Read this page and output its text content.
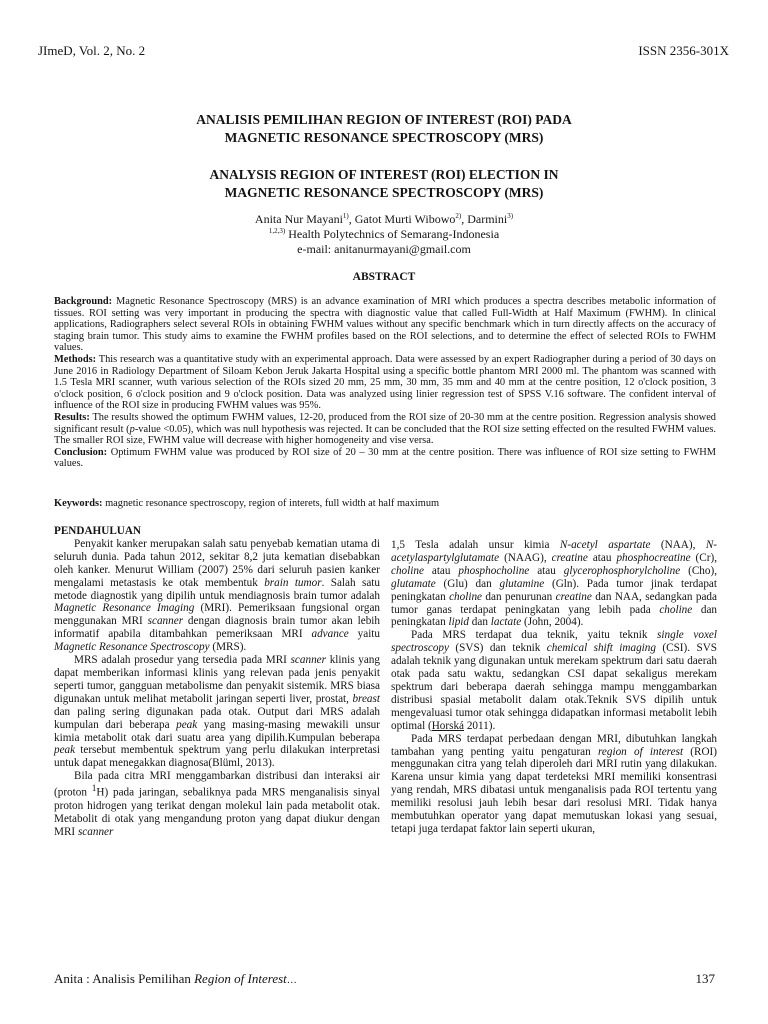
JImeD, Vol. 2, No. 2	ISSN 2356-301X
ANALISIS PEMILIHAN REGION OF INTEREST (ROI) PADA
MAGNETIC RESONANCE SPECTROSCOPY (MRS)
ANALYSIS REGION OF INTEREST (ROI) ELECTION IN
MAGNETIC RESONANCE SPECTROSCOPY (MRS)
Anita Nur Mayani$^{1)}$, Gatot Murti Wibowo$^{2)}$, Darmini$^{3)}$
$^{1,2,3)}$ Health Polytechnics of Semarang-Indonesia
e-mail: anitanurmayani@gmail.com
ABSTRACT

Background: Magnetic Resonance Spectroscopy (MRS) is an advance examination of MRI which produces a spectra describes metabolic information of tissues. ROI setting was very important in producing the spectra with diagnostic value that called Full-Width at Half Maximum (FWHM). In clinical applications, Radiographers select several ROIs in obtaining FWHM values without any specific benchmark which in turn directly affects on the accuracy of staging brain tumor. This study aims to examine the FWHM profiles based on the ROI selections, and to determine the effect of selected ROIs to FWHM values.

Methods: This research was a quantitative study with an experimental approach. Data were assessed by an expert Radiographer during a period of 30 days on June 2016 in Radiology Department of Siloam Kebon Jeruk Jakarta Hospital using a specific bottle phantom MRI 2000 ml. The phantom was scanned with 1.5 Tesla MRI scanner, wuth various selection of the ROIs sized 20 mm, 25 mm, 30 mm, 35 mm and 40 mm at the centre position, 12 o'clock position, 3 o'clock position, 6 o'clock position and 9 o'clock position. Data was analyzed using linier regression test of SPSS V.16 software. The confident interval of influence of the ROI size in producing FWHM values was 95%.

Results: The results showed the optimum FWHM values, 12-20, produced from the ROI size of 20-30 mm at the centre position. Regression analysis showed significant result (p-value <0.05), which was null hypothesis was rejected. It can be concluded that the ROI size setting effected on the resulted FWHM values. The smaller ROI size, FWHM value will decrease with higher homogeneity and vise versa.

Conclusion: Optimum FWHM value was produced by ROI size of 20 – 30 mm at the centre position. There was influence of ROI size setting to FWHM values.

Keywords: magnetic resonance spectroscopy, region of interets, full width at half maximum

PENDAHULUAN

Penyakit kanker merupakan salah satu penyebab kematian utama di seluruh dunia. Pada tahun 2012, sekitar 8,2 juta kematian disebabkan oleh kanker. Menurut William (2007) 25% dari seluruh pasien kanker mengalami metastasis ke otak membentuk brain tumor. Salah satu metode diagnostik yang dipilih untuk mendiagnosis brain tumor adalah Magnetic Resonance Imaging (MRI). Pemeriksaan fungsional organ menggunakan MRI scanner dengan diagnosis brain tumor akan lebih informatif apabila ditambahkan pemeriksaan MRI advance yaitu Magnetic Resonance Spectroscopy (MRS).

MRS adalah prosedur yang tersedia pada MRI scanner klinis yang dapat memberikan informasi klinis yang relevan pada jenis penyakit seperti tumor, gangguan metabolisme dan penyakit sistemik. MRS biasa digunakan untuk melihat metabolit jaringan seperti liver, prostat, breast dan paling sering digunakan pada otak. Output dari MRS adalah kumpulan dari beberapa peak yang masing-masing mewakili unsur kimia metabolit otak dari suatu area yang dipilih.Kumpulan beberapa peak tersebut membentuk spektrum yang perlu dilakukan interpretasi untuk dapat menegakkan diagnosa(Blüml, 2013).

Bila pada citra MRI menggambarkan distribusi dan interaksi air (proton $^1$H) pada jaringan, sebaliknya pada MRS menganalisis sinyal proton hidrogen yang terikat dengan molekul lain pada metabolit otak. Metabolit di otak yang mengandung proton yang dapat diukur dengan MRI scanner

1,5 Tesla adalah unsur kimia N-acetyl aspartate (NAA), N-acetylaspartylglutamate (NAAG), creatine atau phosphocreatine (Cr), choline atau phosphocholine atau glycerophosphorylcholine (Cho), glutamate (Glu) dan glutamine (Gln). Pada tumor jinak terdapat peningkatan choline dan penurunan creatine dan NAA, sedangkan pada tumor ganas terdapat peningkatan yang lebih pada choline dan peningkatan lipid dan lactate (John, 2004).

Pada MRS terdapat dua teknik, yaitu teknik single voxel spectroscopy (SVS) dan teknik chemical shift imaging (CSI). SVS adalah teknik yang digunakan untuk merekam spektrum dari satu daerah otak pada satu waktu, sedangkan CSI dapat sekaligus merekam spektrum dari beberapa daerah sehingga mampu menggambarkan distribusi spasial metabolit dalam otak.Teknik SVS dipilih untuk mengevaluasi tumor otak sehingga didapatkan informasi metabolit lebih optimal (Horská 2011).

Pada MRS terdapat perbedaan dengan MRI, dibutuhkan langkah tambahan yang penting yaitu pengaturan region of interest (ROI) menggunakan citra yang telah diperoleh dari MRI rutin yang dilakukan. Karena unsur kimia yang dapat terdeteksi MRI memiliki konsentrasi yang rendah, MRS dibatasi untuk menganalisis pada ROI tertentu yang memiliki resolusi jauh lebih besar dari resolusi MRI. Tidak hanya membutuhkan operator yang dapat memutuskan lokasi yang sesuai, tetapi juga terdapat faktor lain seperti ukuran,

Anita : Analisis Pemilihan Region of Interest…	137
